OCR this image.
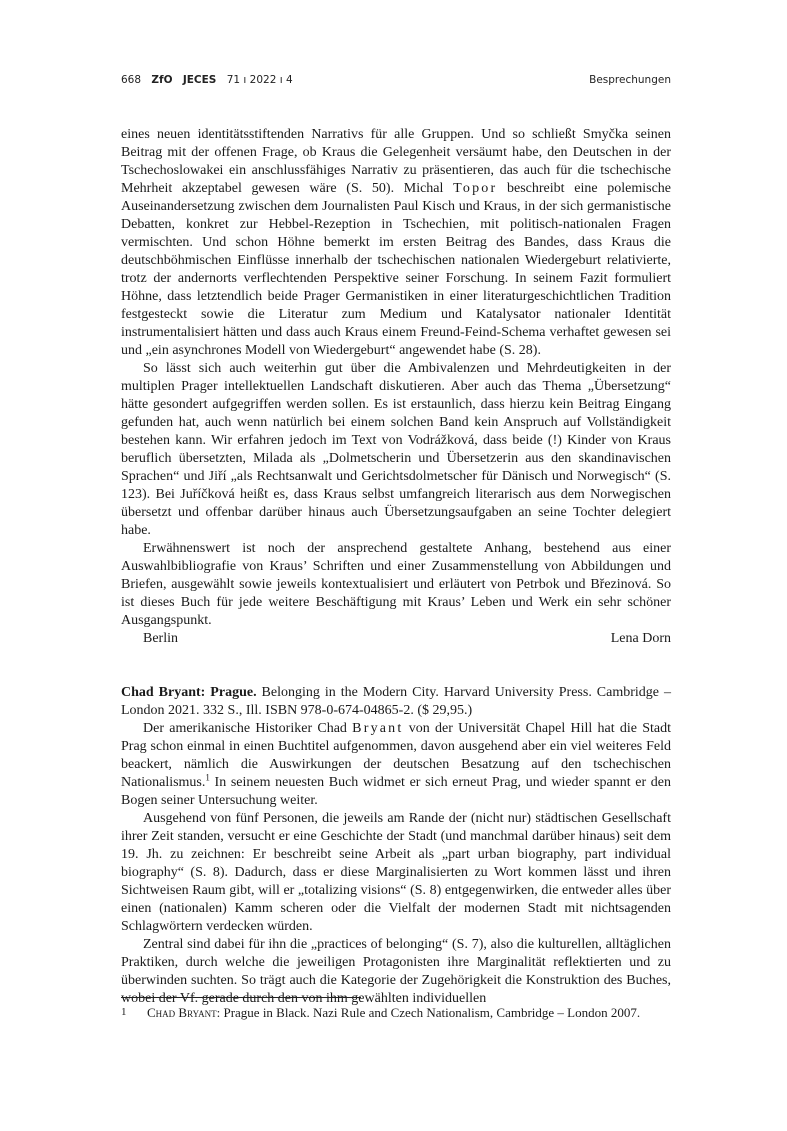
668 ZfO JECES 71 ı 2022 ı 4	Besprechungen

eines neuen identitätsstiftenden Narrativs für alle Gruppen. Und so schließt Smyčka seinen Beitrag mit der offenen Frage, ob Kraus die Gelegenheit versäumt habe, den Deutschen in der Tschechoslowakei ein anschlussfähiges Narrativ zu präsentieren, das auch für die tschechische Mehrheit akzeptabel gewesen wäre (S. 50). Michal Topor beschreibt eine polemische Auseinandersetzung zwischen dem Journalisten Paul Kisch und Kraus, in der sich germanistische Debatten, konkret zur Hebbel-Rezeption in Tschechien, mit politisch-nationalen Fragen vermischten. Und schon Höhne bemerkt im ersten Beitrag des Bandes, dass Kraus die deutschböhmischen Einflüsse innerhalb der tschechischen nationalen Wiedergeburt relativierte, trotz der andernorts verflechtenden Perspektive seiner Forschung. In seinem Fazit formuliert Höhne, dass letztendlich beide Prager Germanistiken in einer literaturgeschichtlichen Tradition festgesteckt sowie die Literatur zum Medium und Katalysator nationaler Identität instrumentalisiert hätten und dass auch Kraus einem Freund-Feind-Schema verhaftet gewesen sei und „ein asynchrones Modell von Wiedergeburt“ angewendet habe (S. 28).

So lässt sich auch weiterhin gut über die Ambivalenzen und Mehrdeutigkeiten in der multiplen Prager intellektuellen Landschaft diskutieren. Aber auch das Thema „Übersetzung“ hätte gesondert aufgegriffen werden sollen. Es ist erstaunlich, dass hierzu kein Beitrag Eingang gefunden hat, auch wenn natürlich bei einem solchen Band kein Anspruch auf Vollständigkeit bestehen kann. Wir erfahren jedoch im Text von Vodrážková, dass beide (!) Kinder von Kraus beruflich übersetzten, Milada als „Dolmetscherin und Übersetzerin aus den skandinavischen Sprachen“ und Jiří „als Rechtsanwalt und Gerichtsdolmetscher für Dänisch und Norwegisch“ (S. 123). Bei Juříčková heißt es, dass Kraus selbst umfangreich literarisch aus dem Norwegischen übersetzt und offenbar darüber hinaus auch Übersetzungsaufgaben an seine Tochter delegiert habe.

Erwähnenswert ist noch der ansprechend gestaltete Anhang, bestehend aus einer Auswahlbibliografie von Kraus’ Schriften und einer Zusammenstellung von Abbildungen und Briefen, ausgewählt sowie jeweils kontextualisiert und erläutert von Petrbok und Březinová. So ist dieses Buch für jede weitere Beschäftigung mit Kraus’ Leben und Werk ein sehr schöner Ausgangspunkt.

Berlin	Lena Dorn

Chad Bryant: Prague. Belonging in the Modern City. Harvard University Press. Cambridge – London 2021. 332 S., Ill. ISBN 978-0-674-04865-2. ($ 29,95.)

Der amerikanische Historiker Chad Bryant von der Universität Chapel Hill hat die Stadt Prag schon einmal in einen Buchtitel aufgenommen, davon ausgehend aber ein viel weiteres Feld beackert, nämlich die Auswirkungen der deutschen Besatzung auf den tschechischen Nationalismus.$^1$ In seinem neuesten Buch widmet er sich erneut Prag, und wieder spannt er den Bogen seiner Untersuchung weiter.

Ausgehend von fünf Personen, die jeweils am Rande der (nicht nur) städtischen Gesellschaft ihrer Zeit standen, versucht er eine Geschichte der Stadt (und manchmal darüber hinaus) seit dem 19. Jh. zu zeichnen: Er beschreibt seine Arbeit als „part urban biography, part individual biography“ (S. 8). Dadurch, dass er diese Marginalisierten zu Wort kommen lässt und ihren Sichtweisen Raum gibt, will er „totalizing visions“ (S. 8) entgegenwirken, die entweder alles über einen (nationalen) Kamm scheren oder die Vielfalt der modernen Stadt mit nichtsagenden Schlagwörtern verdecken würden.

Zentral sind dabei für ihn die „practices of belonging“ (S. 7), also die kulturellen, alltäglichen Praktiken, durch welche die jeweiligen Protagonisten ihre Marginalität reflektierten und zu überwinden suchten. So trägt auch die Kategorie der Zugehörigkeit die Konstruktion des Buches, wobei der Vf. gerade durch den von ihm gewählten individuellen

1	Chad Bryant: Prague in Black. Nazi Rule and Czech Nationalism, Cambridge – London 2007.
